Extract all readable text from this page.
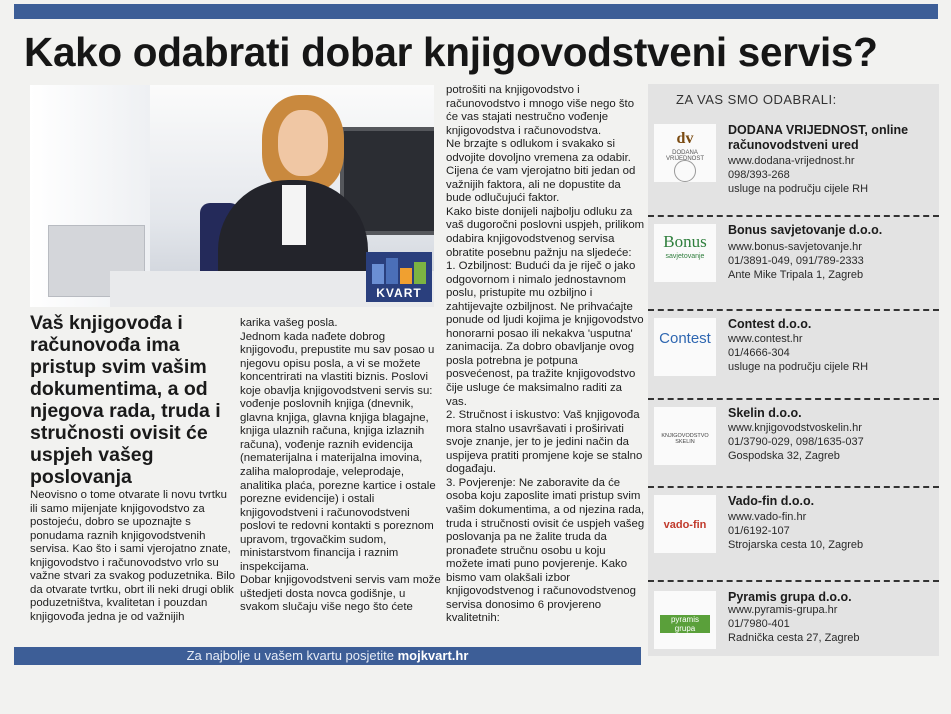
Kako odabrati dobar knjigovodstveni servis?
KVART
Vaš knjigovođa i računovođa ima pristup svim vašim dokumentima, a od njegova rada, truda i stručnosti ovisit će uspjeh vašeg poslovanja
Neovisno o tome otvarate li novu tvrtku ili samo mijenjate knjigovodstvo za postojeću, dobro se upoznajte s ponudama raznih knjigovodstvenih servisa. Kao što i sami vjerojatno znate, knjigovodstvo i računovodstvo vrlo su važne stvari za svakog poduzetnika. Bilo da otvarate tvrtku, obrt ili neki drugi oblik poduzetništva, kvalitetan i pouzdan knjigovođa jedna je od važnijih
karika vašeg posla.
Jednom kada nađete dobrog knjigovođu, prepustite mu sav posao u njegovu opisu posla, a vi se možete koncentrirati na vlastiti biznis. Poslovi koje obavlja knjigovodstveni servis su: vođenje poslovnih knjiga (dnevnik, glavna knjiga, glavna knjiga blagajne, knjiga ulaznih računa, knjiga izlaznih računa), vođenje raznih evidencija (nematerijalna i materijalna imovina, zaliha maloprodaje, veleprodaje, analitika plaća, porezne kartice i ostale porezne evidencije) i ostali knjigovodstveni i računovodstveni poslovi te redovni kontakti s poreznom upravom, trgovačkim sudom, ministarstvom financija i raznim inspekcijama.
Dobar knjigovodstveni servis vam može uštedjeti dosta novca godišnje, u svakom slučaju više nego što ćete
potrošiti na knjigovodstvo i računovodstvo i mnogo više nego što će vas stajati nestručno vođenje knjigovodstva i računovodstva.
Ne brzajte s odlukom i svakako si odvojite dovoljno vremena za odabir. Cijena će vam vjerojatno biti jedan od važnijih faktora, ali ne dopustite da bude odlučujući faktor.
Kako biste donijeli najbolju odluku za vaš dugoročni poslovni uspjeh, prilikom odabira knjigovodstvenog servisa obratite posebnu pažnju na sljedeće:
1. Ozbiljnost: Budući da je riječ o jako odgovornom i nimalo jednostavnom poslu, pristupite mu ozbiljno i zahtijevajte ozbiljnost. Ne prihvaćajte ponude od ljudi kojima je knjigovodstvo honorarni posao ili nekakva 'usputna' zanimacija. Za dobro obavljanje ovog posla potrebna je potpuna posvećenost, pa tražite knjigovodstvo čije usluge će maksimalno raditi za vas.
2. Stručnost i iskustvo: Vaš knjigovođa mora stalno usavršavati i proširivati svoje znanje, jer to je jedini način da uspijeva pratiti promjene koje se stalno događaju.
3. Povjerenje: Ne zaboravite da će osoba koju zaposlite imati pristup svim vašim dokumentima, a od njezina rada, truda i stručnosti ovisit će uspjeh vašeg poslovanja pa ne žalite truda da pronađete stručnu osobu u koju možete imati puno povjerenje. Kako bismo vam olakšali izbor knjigovodstvenog i računovodstvenog servisa donosimo 6 provjereno kvalitetnih:
Za najbolje u vašem kvartu posjetite mojkvart.hr
ZA VAS SMO ODABRALI:
dv
DODANA VRIJEDNOST
DODANA VRIJEDNOST, online računovodstveni ured
www.dodana-vrijednost.hr
098/393-268
usluge na području cijele RH
Bonus
savjetovanje
Bonus savjetovanje d.o.o.
www.bonus-savjetovanje.hr
01/3891-049, 091/789-2333
Ante Mike Tripala 1, Zagreb
Contest
Contest d.o.o.
www.contest.hr
01/4666-304
usluge na području cijele RH
KNJIGOVODSTVO SKELIN
Skelin d.o.o.
www.knjigovodstvoskelin.hr
01/3790-029, 098/1635-037
Gospodska 32, Zagreb
vado-fin
Vado-fin d.o.o.
www.vado-fin.hr
01/6192-107
Strojarska cesta 10, Zagreb
pyramis grupa
Pyramis grupa d.o.o.
www.pyramis-grupa.hr
01/7980-401
Radnička cesta 27, Zagreb
